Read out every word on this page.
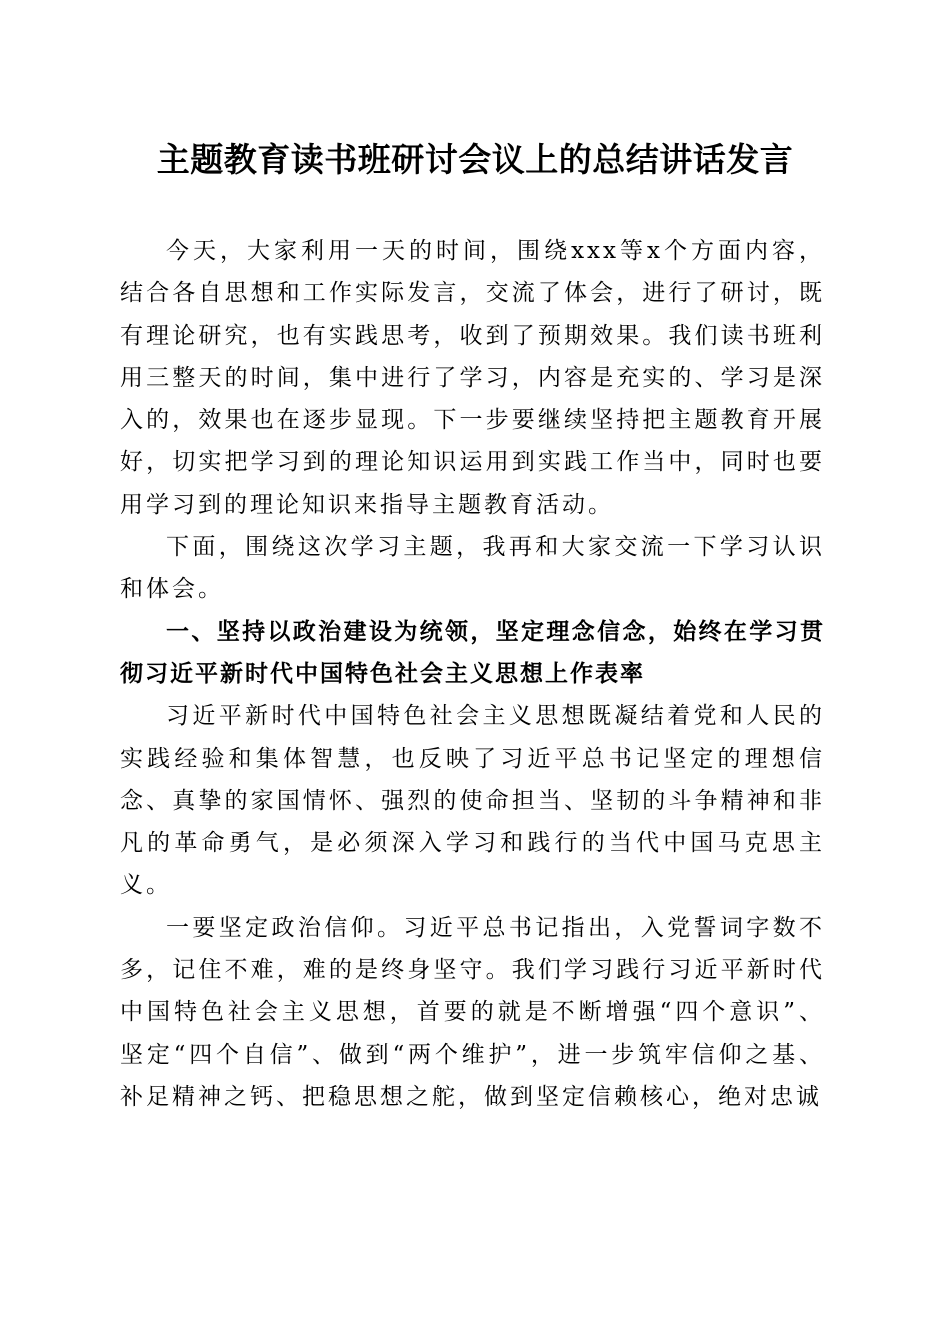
主题教育读书班研讨会议上的总结讲话发言

今天，大家利用一天的时间，围绕xxx等x个方面内容，结合各自思想和工作实际发言，交流了体会，进行了研讨，既有理论研究，也有实践思考，收到了预期效果。我们读书班利用三整天的时间，集中进行了学习，内容是充实的、学习是深入的，效果也在逐步显现。下一步要继续坚持把主题教育开展好，切实把学习到的理论知识运用到实践工作当中，同时也要用学习到的理论知识来指导主题教育活动。

下面，围绕这次学习主题，我再和大家交流一下学习认识和体会。

一、坚持以政治建设为统领，坚定理念信念，始终在学习贯彻习近平新时代中国特色社会主义思想上作表率

习近平新时代中国特色社会主义思想既凝结着党和人民的实践经验和集体智慧，也反映了习近平总书记坚定的理想信念、真挚的家国情怀、强烈的使命担当、坚韧的斗争精神和非凡的革命勇气，是必须深入学习和践行的当代中国马克思主义。

一要坚定政治信仰。习近平总书记指出，入党誓词字数不多，记住不难，难的是终身坚守。我们学习践行习近平新时代中国特色社会主义思想，首要的就是不断增强“四个意识”、坚定“四个自信”、做到“两个维护”，进一步筑牢信仰之基、补足精神之钙、把稳思想之舵，做到坚定信赖核心，绝对忠诚
